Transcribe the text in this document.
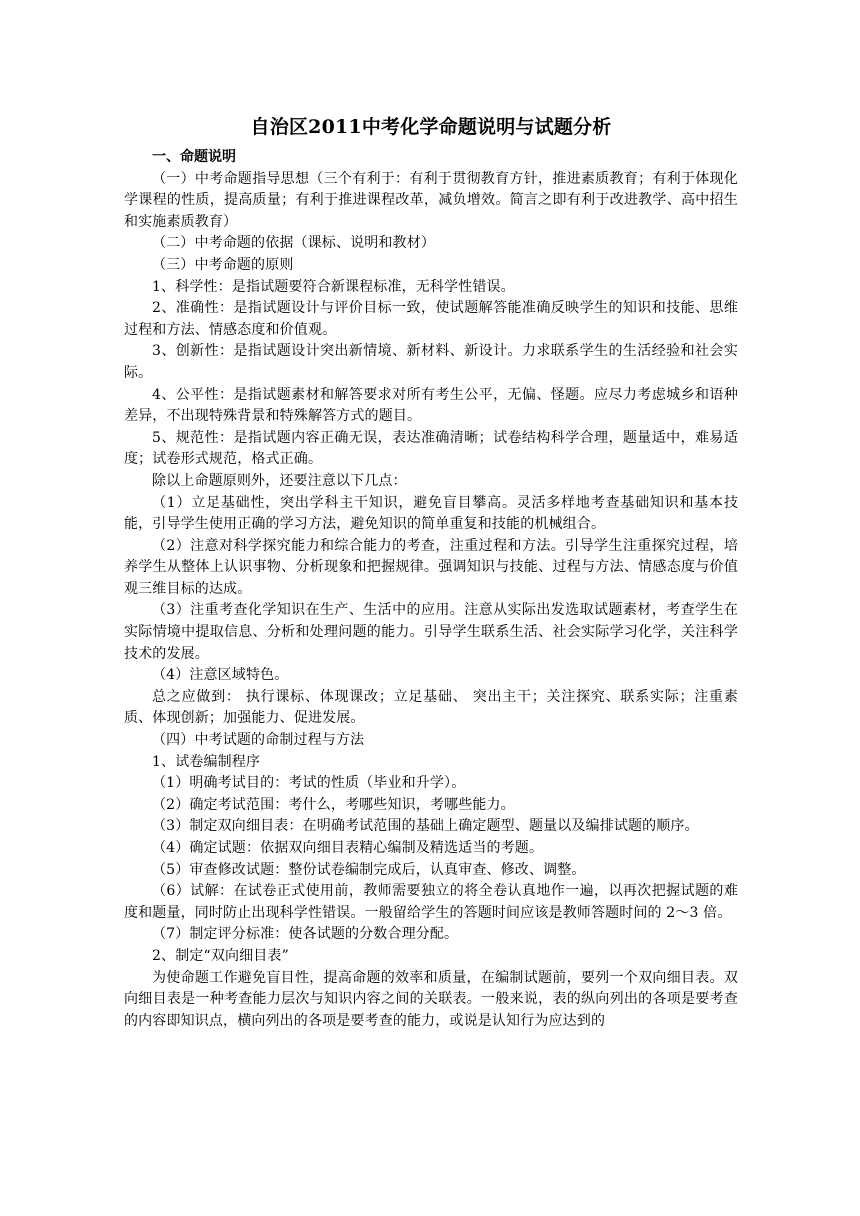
自治区2011中考化学命题说明与试题分析

一、命题说明

（一）中考命题指导思想（三个有利于：有利于贯彻教育方针，推进素质教育；有利于体现化学课程的性质，提高质量；有利于推进课程改革，减负增效。简言之即有利于改进教学、高中招生和实施素质教育）

（二）中考命题的依据（课标、说明和教材）

（三）中考命题的原则

1、科学性：是指试题要符合新课程标准，无科学性错误。

2、准确性：是指试题设计与评价目标一致，使试题解答能准确反映学生的知识和技能、思维过程和方法、情感态度和价值观。

3、创新性：是指试题设计突出新情境、新材料、新设计。力求联系学生的生活经验和社会实际。

4、公平性：是指试题素材和解答要求对所有考生公平，无偏、怪题。应尽力考虑城乡和语种差异，不出现特殊背景和特殊解答方式的题目。

5、规范性：是指试题内容正确无误，表达准确清晰；试卷结构科学合理，题量适中，难易适度；试卷形式规范，格式正确。

除以上命题原则外，还要注意以下几点：

（1）立足基础性，突出学科主干知识，避免盲目攀高。灵活多样地考查基础知识和基本技能，引导学生使用正确的学习方法，避免知识的简单重复和技能的机械组合。

（2）注意对科学探究能力和综合能力的考查，注重过程和方法。引导学生注重探究过程，培养学生从整体上认识事物、分析现象和把握规律。强调知识与技能、过程与方法、情感态度与价值观三维目标的达成。

（3）注重考查化学知识在生产、生活中的应用。注意从实际出发选取试题素材，考查学生在实际情境中提取信息、分析和处理问题的能力。引导学生联系生活、社会实际学习化学，关注科学技术的发展。

（4）注意区域特色。

总之应做到： 执行课标、体现课改；立足基础、 突出主干；关注探究、联系实际；注重素质、体现创新；加强能力、促进发展。

（四）中考试题的命制过程与方法

1、试卷编制程序

（1）明确考试目的：考试的性质（毕业和升学）。

（2）确定考试范围：考什么，考哪些知识，考哪些能力。

（3）制定双向细目表：在明确考试范围的基础上确定题型、题量以及编排试题的顺序。

（4）确定试题：依据双向细目表精心编制及精选适当的考题。

（5）审查修改试题：整份试卷编制完成后，认真审查、修改、调整。

（6）试解：在试卷正式使用前，教师需要独立的将全卷认真地作一遍，以再次把握试题的难度和题量，同时防止出现科学性错误。一般留给学生的答题时间应该是教师答题时间的 2～3 倍。

（7）制定评分标准：使各试题的分数合理分配。

2、制定“双向细目表”

为使命题工作避免盲目性，提高命题的效率和质量，在编制试题前，要列一个双向细目表。双向细目表是一种考查能力层次与知识内容之间的关联表。一般来说，表的纵向列出的各项是要考查的内容即知识点，横向列出的各项是要考查的能力，或说是认知行为应达到的
